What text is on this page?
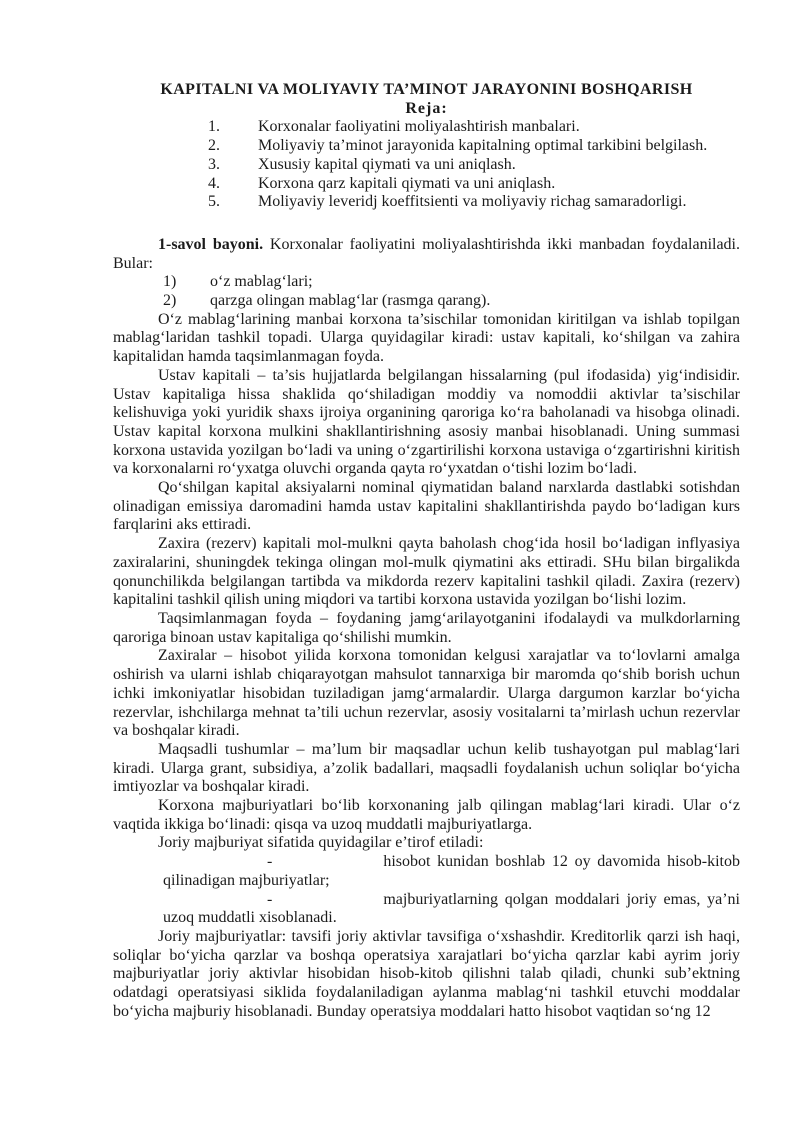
KAPITALNI VA MOLIYAVIY TA’MINOT JARAYONINI BOSHQARISH
Reja:
1. Korxonalar faoliyatini moliyalashtirish manbalari.
2. Moliyaviy ta’minot jarayonida kapitalning optimal tarkibini belgilash.
3. Xususiy kapital qiymati va uni aniqlash.
4. Korxona qarz kapitali qiymati va uni aniqlash.
5. Moliyaviy leveridj koeffitsienti va moliyaviy richag samaradorligi.

1-savol bayoni. Korxonalar faoliyatini moliyalashtirishda ikki manbadan foydalaniladi. Bular:

1) o‘z mablag‘lari;
2) qarzga olingan mablag‘lar (rasmga qarang).

O‘z mablag‘larining manbai korxona ta’sischilar tomonidan kiritilgan va ishlab topilgan mablag‘laridan tashkil topadi. Ularga quyidagilar kiradi: ustav kapitali, ko‘shilgan va zahira kapitalidan hamda taqsimlanmagan foyda.

Ustav kapitali – ta’sis hujjatlarda belgilangan hissalarning (pul ifodasida) yig‘indisidir. Ustav kapitaliga hissa shaklida qo‘shiladigan moddiy va nomoddii aktivlar ta’sischilar kelishuviga yoki yuridik shaxs ijroiya organining qaroriga ko‘ra baholanadi va hisobga olinadi. Ustav kapital korxona mulkini shakllantirishning asosiy manbai hisoblanadi. Uning summasi korxona ustavida yozilgan bo‘ladi va uning o‘zgartirilishi korxona ustaviga o‘zgartirishni kiritish va korxonalarni ro‘yxatga oluvchi organda qayta ro‘yxatdan o‘tishi lozim bo‘ladi.

Qo‘shilgan kapital aksiyalarni nominal qiymatidan baland narxlarda dastlabki sotishdan olinadigan emissiya daromadini hamda ustav kapitalini shakllantirishda paydo bo‘ladigan kurs farqlarini aks ettiradi.

Zaxira (rezerv) kapitali mol-mulkni qayta baholash chog‘ida hosil bo‘ladigan inflyasiya zaxiralarini, shuningdek tekinga olingan mol-mulk qiymatini aks ettiradi. SHu bilan birgalikda qonunchilikda belgilangan tartibda va mikdorda rezerv kapitalini tashkil qiladi. Zaxira (rezerv) kapitalini tashkil qilish uning miqdori va tartibi korxona ustavida yozilgan bo‘lishi lozim.

Taqsimlanmagan foyda – foydaning jamg‘arilayotganini ifodalaydi va mulkdorlarning qaroriga binoan ustav kapitaliga qo‘shilishi mumkin.

Zaxiralar – hisobot yilida korxona tomonidan kelgusi xarajatlar va to‘lovlarni amalga oshirish va ularni ishlab chiqarayotgan mahsulot tannarxiga bir maromda qo‘shib borish uchun ichki imkoniyatlar hisobidan tuziladigan jamg‘armalardir. Ularga dargumon karzlar bo‘yicha rezervlar, ishchilarga mehnat ta’tili uchun rezervlar, asosiy vositalarni ta’mirlash uchun rezervlar va boshqalar kiradi.

Maqsadli tushumlar – ma’lum bir maqsadlar uchun kelib tushayotgan pul mablag‘lari kiradi. Ularga grant, subsidiya, a’zolik badallari, maqsadli foydalanish uchun soliqlar bo‘yicha imtiyozlar va boshqalar kiradi.

Korxona majburiyatlari bo‘lib korxonaning jalb qilingan mablag‘lari kiradi. Ular o‘z vaqtida ikkiga bo‘linadi: qisqa va uzoq muddatli majburiyatlarga.

Joriy majburiyat sifatida quyidagilar e’tirof etiladi:

-	hisobot kunidan boshlab 12 oy davomida hisob-kitob qilinadigan majburiyatlar;

-	majburiyatlarning qolgan moddalari joriy emas, ya’ni uzoq muddatli xisoblanadi.

Joriy majburiyatlar: tavsifi joriy aktivlar tavsifiga o‘xshashdir. Kreditorlik qarzi ish haqi, soliqlar bo‘yicha qarzlar va boshqa operatsiya xarajatlari bo‘yicha qarzlar kabi ayrim joriy majburiyatlar joriy aktivlar hisobidan hisob-kitob qilishni talab qiladi, chunki sub’ektning odatdagi operatsiyasi siklida foydalaniladigan aylanma mablag‘ni tashkil etuvchi moddalar bo‘yicha majburiy hisoblanadi. Bunday operatsiya moddalari hatto hisobot vaqtidan so‘ng 12
